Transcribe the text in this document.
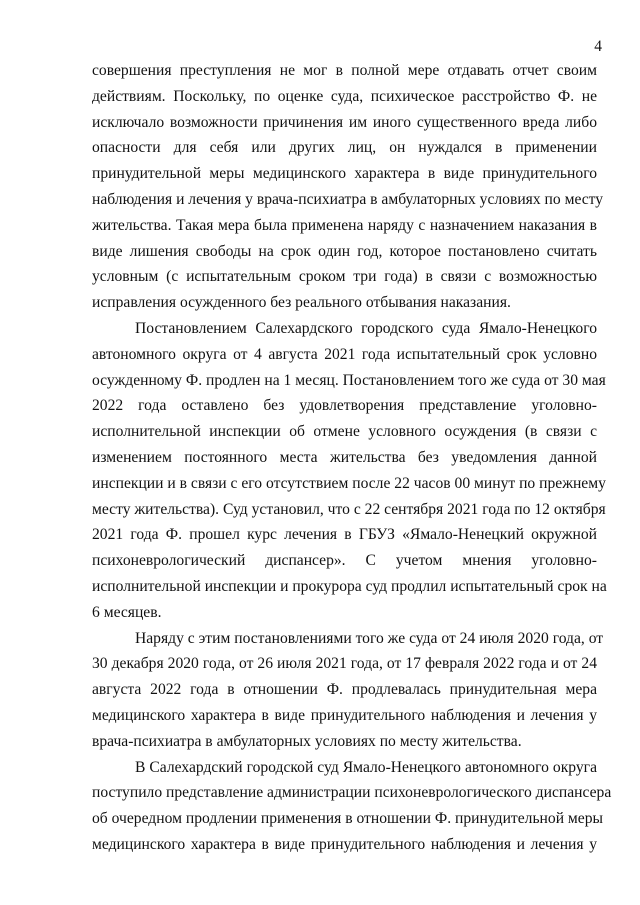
4
совершения преступления не мог в полной мере отдавать отчет своим
действиям. Поскольку, по оценке суда, психическое расстройство Ф. не
исключало возможности причинения им иного существенного вреда либо
опасности для себя или других лиц, он нуждался в применении
принудительной меры медицинского характера в виде принудительного
наблюдения и лечения у врача-психиатра в амбулаторных условиях по месту
жительства. Такая мера была применена наряду с назначением наказания в
виде лишения свободы на срок один год, которое постановлено считать
условным (с испытательным сроком три года) в связи с возможностью
исправления осужденного без реального отбывания наказания.
Постановлением Салехардского городского суда Ямало-Ненецкого
автономного округа от 4 августа 2021 года испытательный срок условно
осужденному Ф. продлен на 1 месяц. Постановлением того же суда от 30 мая
2022 года оставлено без удовлетворения представление уголовно-
исполнительной инспекции об отмене условного осуждения (в связи с
изменением постоянного места жительства без уведомления данной
инспекции и в связи с его отсутствием после 22 часов 00 минут по прежнему
месту жительства). Суд установил, что с 22 сентября 2021 года по 12 октября
2021 года Ф. прошел курс лечения в ГБУЗ «Ямало-Ненецкий окружной
психоневрологический диспансер». С учетом мнения уголовно-
исполнительной инспекции и прокурора суд продлил испытательный срок на
6 месяцев.
Наряду с этим постановлениями того же суда от 24 июля 2020 года, от
30 декабря 2020 года, от 26 июля 2021 года, от 17 февраля 2022 года и от 24
августа 2022 года в отношении Ф. продлевалась принудительная мера
медицинского характера в виде принудительного наблюдения и лечения у
врача-психиатра в амбулаторных условиях по месту жительства.
В Салехардский городской суд Ямало-Ненецкого автономного округа
поступило представление администрации психоневрологического диспансера
об очередном продлении применения в отношении Ф. принудительной меры
медицинского характера в виде принудительного наблюдения и лечения у
